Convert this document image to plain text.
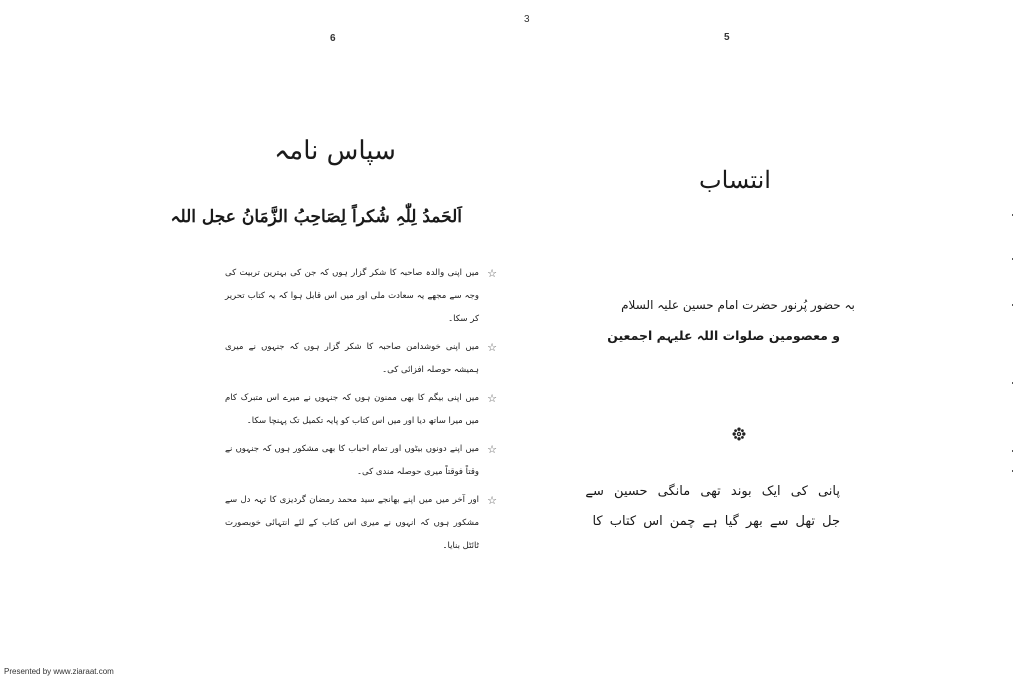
3
6	5
سپاس نامہ
اَلحَمدُ لِلّٰہِ شُکراً لِصَاحِبُ الزَّمَانُ عجل اللہ
☆
میں اپنی والدہ صاحبہ کا شکر گزار ہوں کہ جن کی بہترین تربیت کی وجہ سے مجھے یہ سعادت ملی اور میں اس قابل ہوا کہ یہ کتاب تحریر کر سکا۔
☆
میں اپنی خوشدامن صاحبہ کا شکر گزار ہوں کہ جنہوں نے میری ہمیشہ حوصلہ افزائی کی۔
☆
میں اپنی بیگم کا بھی ممنون ہوں کہ جنہوں نے میرے اس متبرک کام میں میرا ساتھ دیا اور میں اس کتاب کو پایہ تکمیل تک پہنچا سکا۔
☆
میں اپنے دونوں بیٹوں اور تمام احباب کا بھی مشکور ہوں کہ جنہوں نے وقتاً فوقتاً میری حوصلہ مندی کی۔
☆
اور آخر میں میں اپنے بھانجے سید محمد رمضان گردیزی کا تہہ دل سے مشکور ہوں کہ انہوں نے میری اس کتاب کے لئے انتہائی خوبصورت ٹائٹل بنایا۔
انتساب
بہ حضور پُرنور حضرت امام حسین علیہ السلام
و معصومین صلوات اللہ علیہم اجمعین
پانی کی ایک بوند تھی مانگی حسین سے
جل تھل سے بھر گیا ہے چمن اس کتاب کا
Presented by www.ziaraat.com
